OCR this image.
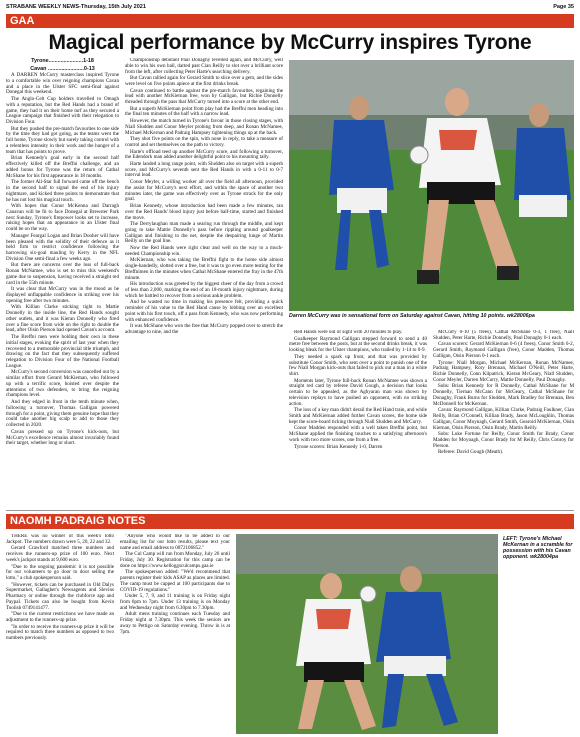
STRABANE WEEKLY NEWS-Thursday, 15th July 2021	Page 35
GAA
Magical performance by McCurry inspires Tyrone
Tyrone.......................1-18
Cavan ........................0-13

A DARREN McCurry masterclass inspired Tyrone to a comfortable win over reigning champions Cavan and a place in the Ulster SFC semi-final against Donegal this weekend.

The Anglo-Celt Cup holders travelled to Omagh with a reputation, but the Red Hands had a brand of game, they had it on their home turf as they secured a League campaign that finished with their relegation to Division Four.

But they pushed the pre-match favourites to one side by the time they had got going, as the teams went the full home, Tyrone slowly but surely taking control with a relentless intensity in their work and the hunger of a team that has points to prove.

Brian Kennedy's goal early in the second half effectively killed off the Breffni challenge, and an added bonus for Tyrone was the return of Cathal McShane for his first appearance in 18 months.

The former All-Star full forward came off the bench in the second half to signal the end of his injury nightmare, and kicked three points to demonstrate that he has not lost his magical touch.

With hopes that Conor McKenna and Darragh Canavan will be fit to face Donegal at Brewster Park next Sunday, Tyrone's firepower looks set to increase, raising hopes that an appearance in an Ulster final could be on the way.

Manager Feargal Logan and Brian Dooher will have been pleased with the solidity of their defence as it held firm to restrict confidence following the harrowing six-goal mauling by Kerry in the NFL Division One semi-final a few weeks ago.

But there are concerns over the loss of full-back Ronan McNamee, who is set to miss this weekend's game due to suspension, having received a straight red card in the 55th minute.

It was clear that McCurry was in the mood as he displayed unflappable confidence in striking over his opening free after two minutes.

With Killian Clarke sticking tight to Mattie Donnelly in the inside line, the Red Hands sought other outlets, and it was Kieran Donnelly who fired over a fine score from wide on the right to double the lead, after Oisin Pierson had opened Cavan's account.

The Breffni men were holding their own in these initial stages, evoking the spirit of last year when they recovered to a memorable provincial title triumph, and drawing on the fact that they subsequently suffered relegation to Division Four of the National Football League.

McCurry's second conversion was cancelled out by a similar effort from Gerard McKiernan, who followed up with a terrific score, hoisted over despite the attentions of two defenders, to bring the reigning champions level.

And they edged in front in the tenth minute when, following a turnover, Thomas Galligan powered through for a point, giving them genuine hope that they could take another big scalp to add to those they collected in 2020.

Cavan pressed up on Tyrone's kick-outs, but McCurry's excellence remains almost invariably found their target, whether long or short.

Championship debutant Paul Donaghy levelled again, and McCurry, well able to win his own ball, darted past Cian Reilly to slot over a brilliant score from the left, after collecting Peter Harte's searching delivery.

But Cavan rallied again for Gerard Smith to slice over a gem, and the sides were level on five points apiece at the first drinks break.

Cavan continued to battle against the pre-match favourites, regaining the lead with another McKiernan free, won by Galligan, but Richie Donnelly threaded through the pass that McCurry turned into a score at the other end.

But a superb McKiernan point from play had the Breffni men heading into the final ten minutes of the half with a narrow lead.

However, the match turned in Tyrone's favour in those closing stages, with Niall Sludden and Conor Meyler probing from deep, and Ronan McNamee, Michael McKernan and Padraig Hampsey tightening things up at the back.

They shot five points on the spin, with none in reply, to take a measure of control and set themselves on the path to victory.

Harte's offload teed up another McCurry score, and following a turnover, the Edendork man added another delightful point to his mounting tally.

Harte landed a long range point, with Sludden also on target with a superb score, and McCurry's seventh sent the Red Hands in with a 0-11 to 0-7 interval lead.

Conor Meyler, a willing worker all over the field all afternoon, provided the assist for McCurry's next effort, and within the space of another two minutes later, the game was effectively over as Tyrone struck for the only goal.

Brian Kennedy, whose introduction had been made a few minutes, ran over the Red Hands' blood injury just before half-time, started and finished the move.

The Derrylaughan man made a searing run through the middle, and kept going to take Mattie Donnelly's pass before rippling around goalkeeper Galligan and finishing to the net, despite the despairing lunge of Martin Reilly on the goal line.

Now the Red Hands were right clear and well on the way to a much-needed Championship win.

McKiernan, who was taking the Breffni fight to the home side almost single-handedly, slotted over a free, but it was to go even more testing for the Breffnimen in the minutes when Cathal McShane entered the fray in the 47th minute.

His introduction was greeted by the biggest cheer of the day from a crowd of less than 2,000, marking the end of an 18-month injury nightmare, during which he battled to recover from a serious ankle problem.

And he wasted no time in making his presence felt, providing a quick reminder of his value to the Red Hand cause by lobbing over an excellent point with his first touch, off a pass from Kennedy, who was now performing with enhanced confidence.

It was McShane who won the free that McCurry popped over to stretch the advantage to nine, and the

Darren McCurry was in sensational form on Saturday against Cavan, hitting 10 points. wk28006pa

Red Hands were out of sight with 20 minutes to play.

Goalkeeper Raymond Galligan stepped forward to send a 40 metre free between the posts, but at the second drinks break, it was looking bleak for the Ulster champions, who trailed by 1-14 to 0-9.

They needed a spark up front, and that was provided by substitute Conor Smith, who sent over a point to punish one of the few Niall Morgan kick-outs that failed to pick out a man in a white shirt.

Moments later, Tyrone full-back Ronan McNamee was shown a straight red card by referee David Gough, a decision that looks certain to be appealed, as the Aghyaran man was shown by television replays to have pushed an opponent, with no striking action.

The loss of a key man didn't derail the Red Hand train, and while Smith and McKiernan added further Cavan scores, the home side kept the score-board ticking through Niall Sludden and McCurry.

Conor Madden responded with a well taken Breffni point, but McShane applied the finishing touches to a satisfying afternoon's work with two more scores, one from a free.

Tyrone scorers: Brian Kennedy 1-0, Darren

McCurry 0-10 (5 frees), Cathal McShane 0-3, 1 free), Niall Sludden, Peter Harte, Richie Donnelly, Paul Donaghy 0-1 each.

Cavan scorers: Gerard McKiernan 0-6 (4 frees), Conor Smith 0-2, Gerard Smith, Raymond Galligan (free), Conor Madden, Thomas Galligan, Oisin Pierson 0-1 each.

Tyrone: Niall Morgan, Michael McKernan, Ronan McNamee, Padraig Hampsey, Rory Brennan, Michael O'Neill, Peter Harte, Richie Donnelly, Conn Kilpatrick, Kieran McGeary, Niall Sludden, Conor Meyler, Darren McCurry, Mattie Donnelly, Paul Donaghy.

Subs: Brian Kennedy for R Donnelly, Cathal McShane for M Donnelly, Tiernan McCann for McGeary, Cathal McShane for Donaghy, Frank Burns for Sludden, Mark Bradley for Brennan, Ben McDonnell for McKernan.

Cavan: Raymond Galligan, Killian Clarke, Padraig Faulkner, Cian Reilly, Brian O'Connell, Killian Brady, Jason McLoughlin, Thomas Galligan, Conor Moynagh, Gerard Smith, Gearoid McKiernan, Oisin Kiernan, Oisin Pierson, Oisin Brady, Martin Reilly.

Subs: Luke Fortune for Reilly, Conor Smith for Brady, Conor Madden for Moynagh, Conor Brady for M Reilly, Chris Conroy for Pierson.

Referee: David Gough (Meath).

NAOMH PADRAIG NOTES

THERE was no winner of this week's lotto Jackpot. The numbers drawn were 5, 20, 22 and 32.

Gerard Crawford matched three numbers and receives the runners-up prize of 100 euro. Next week's jackpot stands at 9,600 euro.

"Due to the ongoing pandemic it is not possible for our volunteers to go door to door selling the lotto," a club spokesperson said.

"However, tickets can be purchased in Old Dalys Supermarket, Gallagher's Newsagents and Slevins Pharmacy or online through the clubforce app and Paypal. Tickets can also be bought from Kevin Toolish 0749141477.

"Due to the current restrictions we have made an adjustment to the runners-up prize.

"In order to receive the runners-up prize it will be required to match three numbers as opposed to two numbers previously.

"Anyone who would like to be added to our emailing list for our lotto results, please text your name and email address to 0872106852."

The Cul Camp will run from Monday, July 26 until Friday, July 30. Registration for this camp can be done on https://www.kelloggsculcamps.gaa.ie

The spokesperson added: "We'd recommend that parents register their kids ASAP as places are limited. The camp must be capped at 100 participants due to COVID-19 regulations."

Under 5, 7, 9, and 11 training is on Friday night from 6pm to 7pm. Under 13 training is on Monday and Wednesday night from 6.30pm to 7.30pm.

Adult mens training continues each Tuesday and Friday night at 7.30pm. This week the seniors are away to Pettigo on Saturday evening. Throw in is at 7pm.

LEFT: Tyrone's Michael McKernan in a scramble for possession with his Cavan opponent. wk28004pa
